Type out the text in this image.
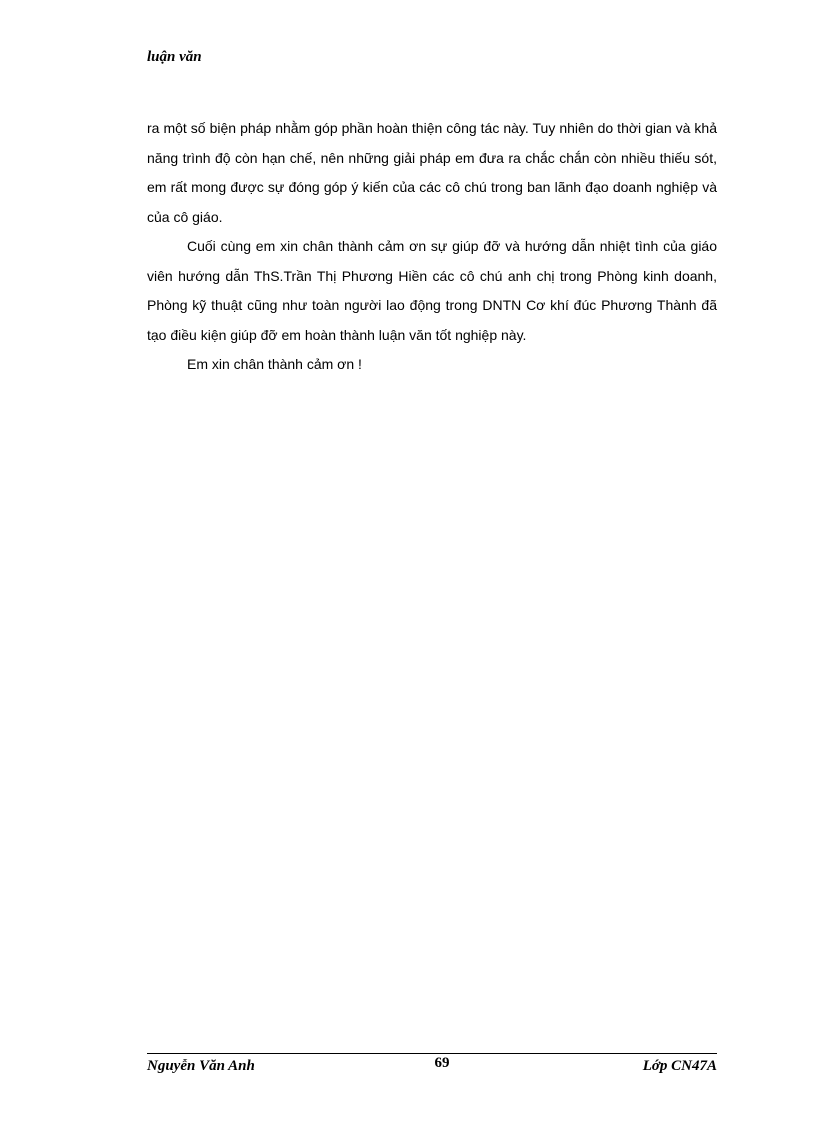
luận văn

ra một số biện pháp nhằm góp phần hoàn thiện công tác này. Tuy nhiên do thời gian và khả năng trình độ còn hạn chế, nên những giải pháp em đưa ra chắc chắn còn nhiều thiếu sót, em rất mong được sự đóng góp ý kiến của các cô chú trong ban lãnh đạo doanh nghiệp và của cô giáo.

Cuối cùng em xin chân thành cảm ơn sự giúp đỡ và hướng dẫn nhiệt tình của giáo viên hướng dẫn ThS.Trần Thị Phương Hiền các cô chú anh chị trong Phòng kinh doanh, Phòng kỹ thuật cũng như toàn người lao động trong DNTN Cơ khí đúc Phương Thành đã tạo điều kiện giúp đỡ em hoàn thành luận văn tốt nghiệp này.

Em xin chân thành cảm ơn !

Nguyễn Văn Anh	69	Lớp CN47A
